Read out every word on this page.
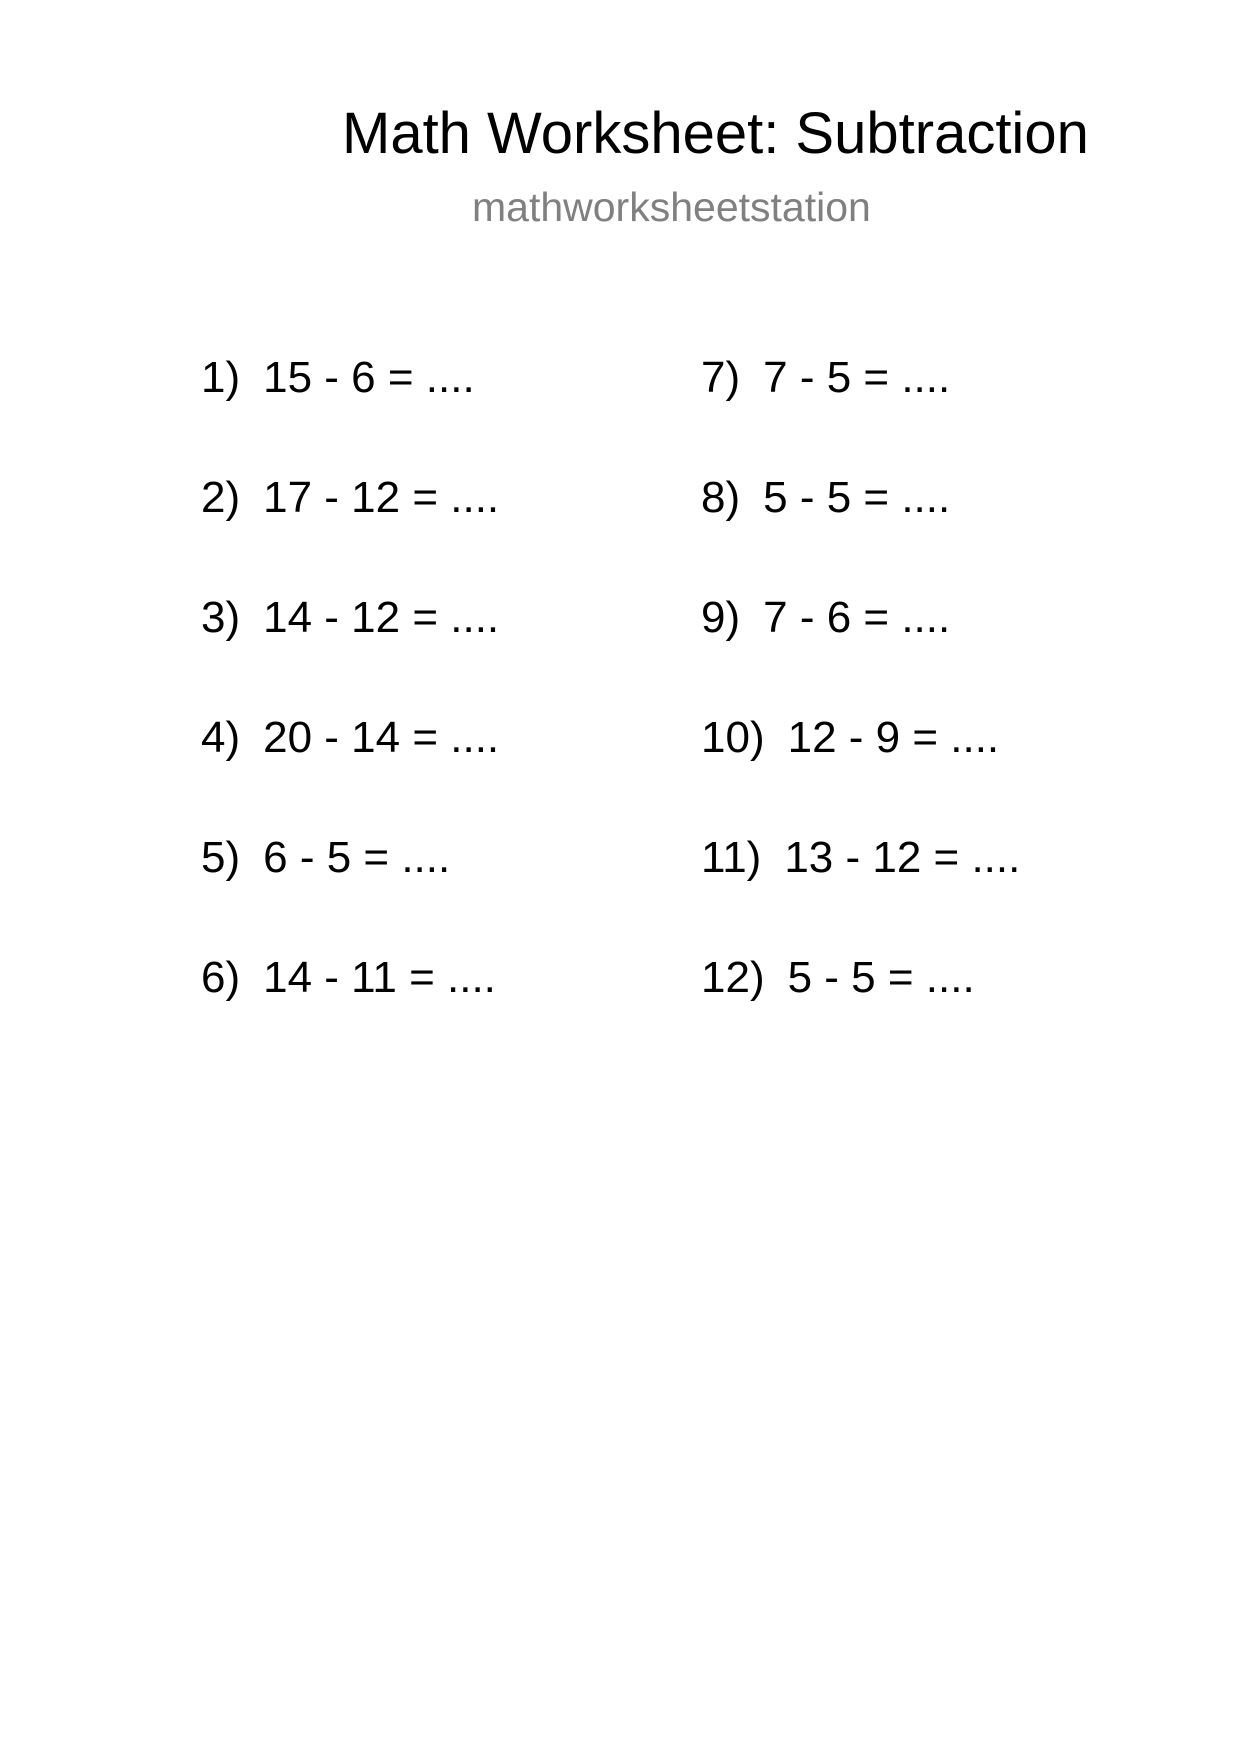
Math Worksheet: Subtraction
mathworksheetstation
1) 15 - 6 = ....
2) 17 - 12 = ....
3) 14 - 12 = ....
4) 20 - 14 = ....
5) 6 - 5 = ....
6) 14 - 11 = ....
7) 7 - 5 = ....
8) 5 - 5 = ....
9) 7 - 6 = ....
10) 12 - 9 = ....
11) 13 - 12 = ....
12) 5 - 5 = ....
